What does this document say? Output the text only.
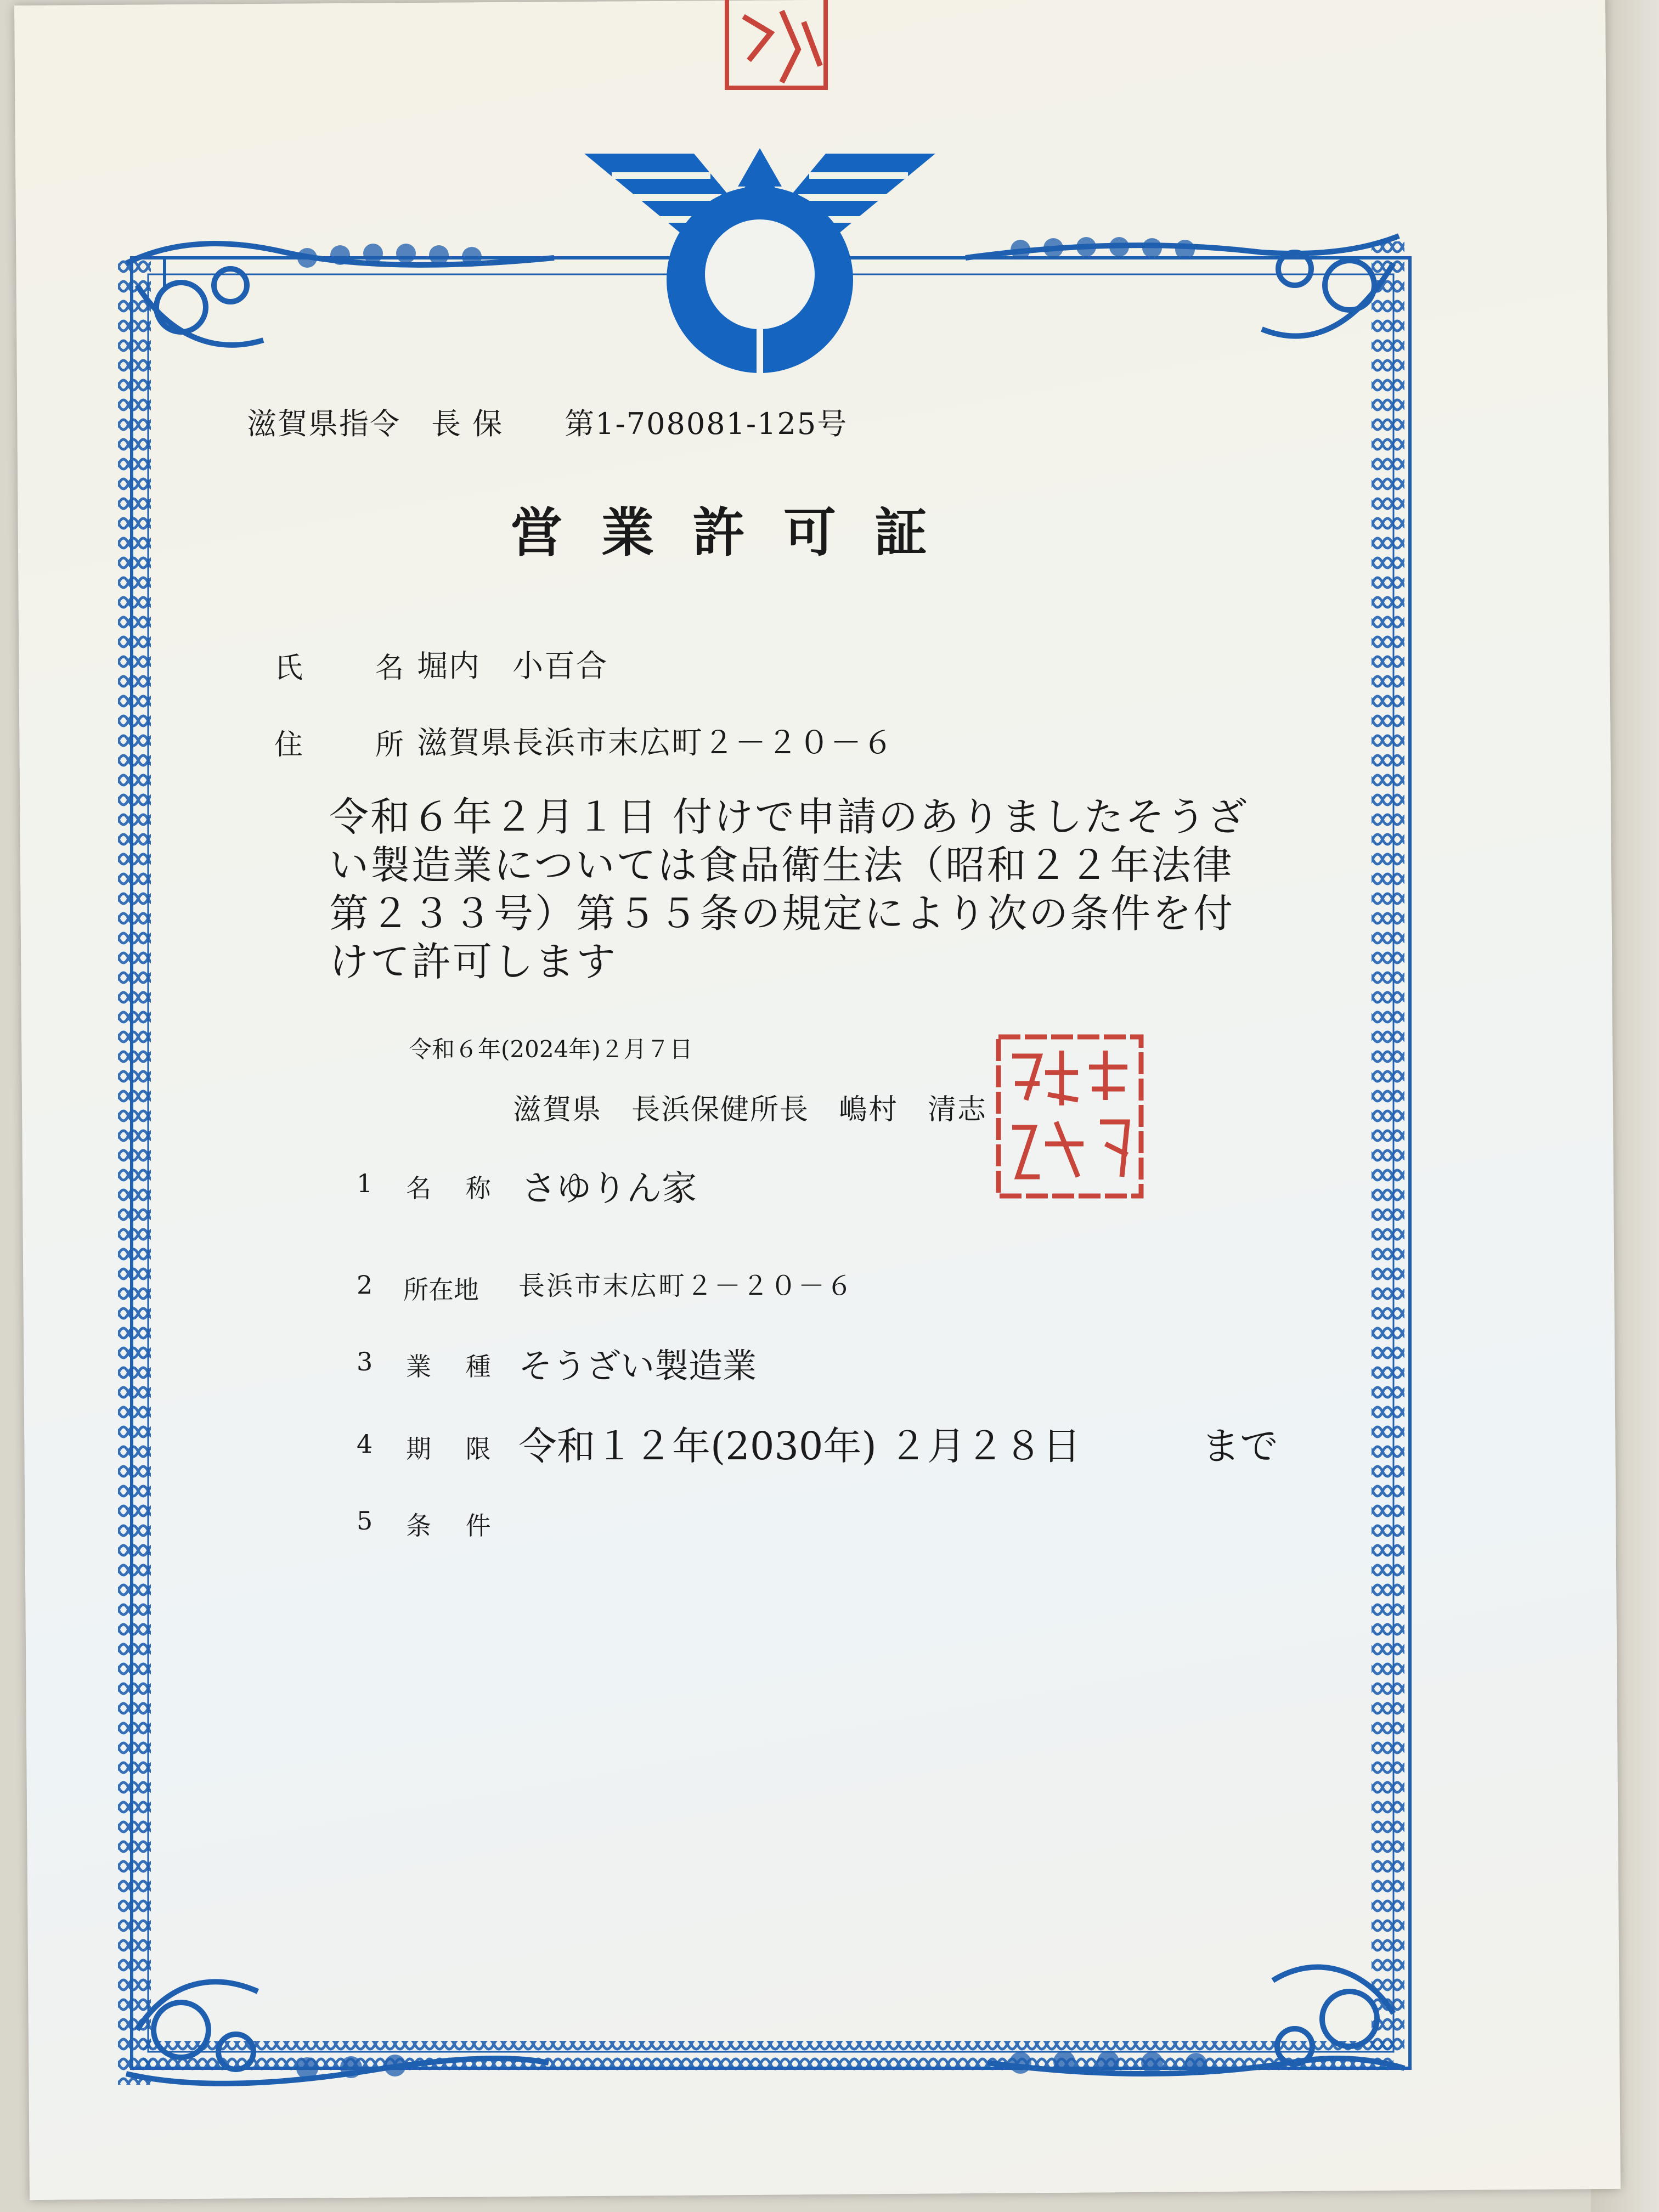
滋賀県指令　長 保　　第1-708081-125号
営業許可証
氏　名
堀内　小百合
住　所
滋賀県長浜市末広町２－２０－６
令和６年２月１日 付けで申請のありましたそうざい製造業については食品衛生法（昭和２２年法律第２３３号）第５５条の規定により次の条件を付けて許可します
令和６年(2024年)２月７日
滋賀県　長浜保健所長　嶋村　清志
1 名 称 さゆりん家
2 所在地 長浜市末広町２－２０－６
3 業 種 そうざい製造業
4 期 限 令和１２年(2030年) ２月２８日	まで
5 条 件
